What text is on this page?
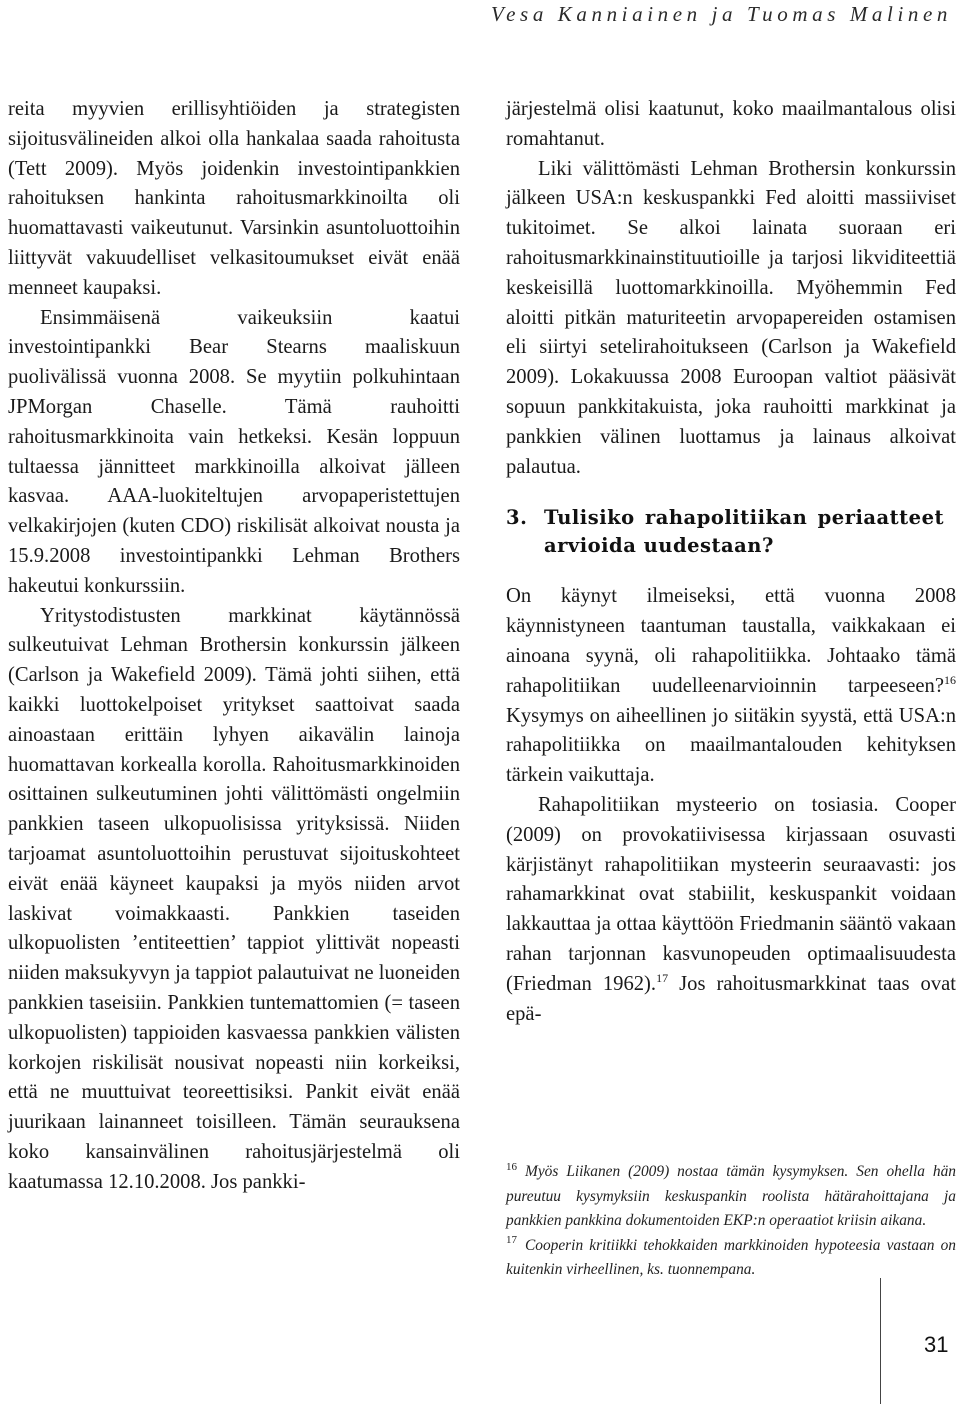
Vesa Kanniainen ja Tuomas Malinen

reita myyvien erillisyhtiöiden ja strategisten sijoitusvälineiden alkoi olla hankalaa saada rahoitusta (Tett 2009). Myös joidenkin investointipankkien rahoituksen hankinta rahoitusmarkkinoilta oli huomattavasti vaikeutunut. Varsinkin asuntoluottoihin liittyvät vakuudelliset velkasitoumukset eivät enää menneet kaupaksi.

Ensimmäisenä vaikeuksiin kaatui investointipankki Bear Stearns maaliskuun puolivälissä vuonna 2008. Se myytiin polkuhintaan JPMorgan Chaselle. Tämä rauhoitti rahoitusmarkkinoita vain hetkeksi. Kesän loppuun tultaessa jännitteet markkinoilla alkoivat jälleen kasvaa. AAA-luokiteltujen arvopaperistettujen velkakirjojen (kuten CDO) riskilisät alkoivat nousta ja 15.9.2008 investointipankki Lehman Brothers hakeutui konkurssiin.

Yritystodistusten markkinat käytännössä sulkeutuivat Lehman Brothersin konkurssin jälkeen (Carlson ja Wakefield 2009). Tämä johti siihen, että kaikki luottokelpoiset yritykset saattoivat saada ainoastaan erittäin lyhyen aikavälin lainoja huomattavan korkealla korolla. Rahoitusmarkkinoiden osittainen sulkeutuminen johti välittömästi ongelmiin pankkien taseen ulkopuolisissa yrityksissä. Niiden tarjoamat asuntoluottoihin perustuvat sijoituskohteet eivät enää käyneet kaupaksi ja myös niiden arvot laskivat voimakkaasti. Pankkien taseiden ulkopuolisten ’entiteettien’ tappiot ylittivät nopeasti niiden maksukyvyn ja tappiot palautuivat ne luoneiden pankkien taseisiin. Pankkien tuntemattomien (= taseen ulkopuolisten) tappioiden kasvaessa pankkien välisten korkojen riskilisät nousivat nopeasti niin korkeiksi, että ne muuttuivat teoreettisiksi. Pankit eivät enää juurikaan lainanneet toisilleen. Tämän seurauksena koko kansainvälinen rahoitusjärjestelmä oli kaatumassa 12.10.2008. Jos pankki-

järjestelmä olisi kaatunut, koko maailmantalous olisi romahtanut.

Liki välittömästi Lehman Brothersin konkurssin jälkeen USA:n keskuspankki Fed aloitti massiiviset tukitoimet. Se alkoi lainata suoraan eri rahoitusmarkkinainstituutioille ja tarjosi likviditeettiä keskeisillä luottomarkkinoilla. Myöhemmin Fed aloitti pitkän maturiteetin arvopapereiden ostamisen eli siirtyi setelirahoitukseen (Carlson ja Wakefield 2009). Lokakuussa 2008 Euroopan valtiot pääsivät sopuun pankkitakuista, joka rauhoitti markkinat ja pankkien välinen luottamus ja lainaus alkoivat palautua.

3. Tulisiko rahapolitiikan periaatteet arvioida uudestaan?

On käynyt ilmeiseksi, että vuonna 2008 käynnistyneen taantuman taustalla, vaikkakaan ei ainoana syynä, oli rahapolitiikka. Johtaako tämä rahapolitiikan uudelleenarvioinnin tarpeeseen?$^{16}$ Kysymys on aiheellinen jo siitäkin syystä, että USA:n rahapolitiikka on maailmantalouden kehityksen tärkein vaikuttaja.

Rahapolitiikan mysteerio on tosiasia. Cooper (2009) on provokatiivisessa kirjassaan osuvasti kärjistänyt rahapolitiikan mysteerin seuraavasti: jos rahamarkkinat ovat stabiilit, keskuspankit voidaan lakkauttaa ja ottaa käyttöön Friedmanin sääntö vakaan rahan tarjonnan kasvunopeuden optimaalisuudesta (Friedman 1962).$^{17}$ Jos rahoitusmarkkinat taas ovat epä-

$^{16}$ Myös Liikanen (2009) nostaa tämän kysymyksen. Sen ohella hän pureutuu kysymyksiin keskuspankin roolista hätärahoittajana ja pankkien pankkina dokumentoiden EKP:n operaatiot kriisin aikana.

$^{17}$ Cooperin kritiikki tehokkaiden markkinoiden hypoteesia vastaan on kuitenkin virheellinen, ks. tuonnempana.

31
